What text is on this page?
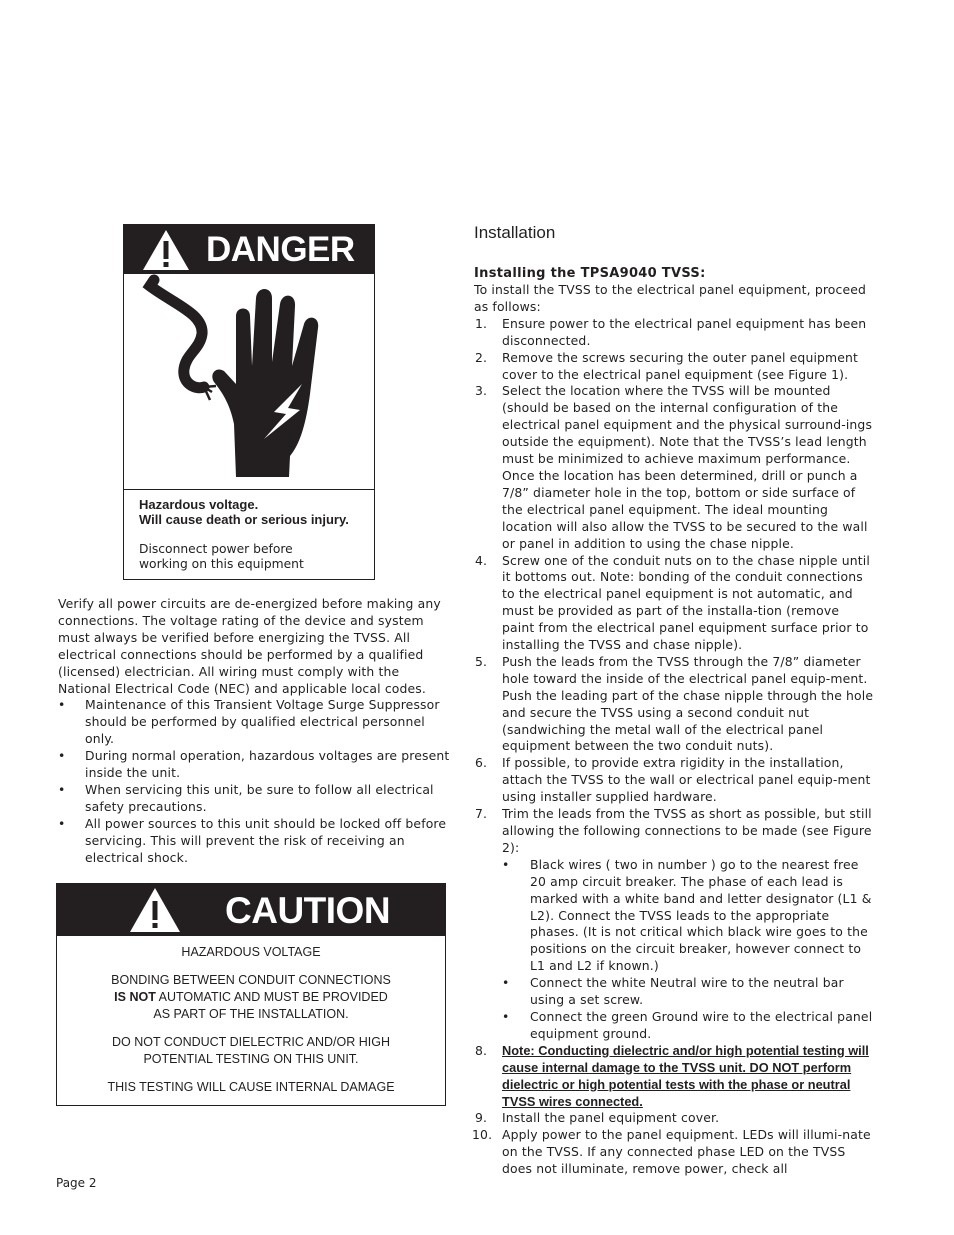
DANGER
Hazardous voltage.
Will cause death or serious injury.
Disconnect power before
working on this equipment

Verify all power circuits are de-energized before making any connections. The voltage rating of the device and system must always be verified before energizing the TVSS. All electrical connections should be performed by a qualified (licensed) electrician. All wiring must comply with the National Electrical Code (NEC) and applicable local codes.

• Maintenance of this Transient Voltage Surge Suppressor should be performed by qualified electrical personnel only.
• During normal operation, hazardous voltages are present inside the unit.
• When servicing this unit, be sure to follow all electrical safety precautions.
• All power sources to this unit should be locked off before servicing. This will prevent the risk of receiving an electrical shock.
CAUTION

HAZARDOUS VOLTAGE

BONDING BETWEEN CONDUIT CONNECTIONS
IS NOT AUTOMATIC AND MUST BE PROVIDED
AS PART OF THE INSTALLATION.

DO NOT CONDUCT DIELECTRIC AND/OR HIGH
POTENTIAL TESTING ON THIS UNIT.

THIS TESTING WILL CAUSE INTERNAL DAMAGE

Installation
Installing the TPSA9040 TVSS:

To install the TVSS to the electrical panel equipment, proceed as follows:

1. Ensure power to the electrical panel equipment has been disconnected.
2. Remove the screws securing the outer panel equipment cover to the electrical panel equipment (see Figure 1).
3. Select the location where the TVSS will be mounted (should be based on the internal configuration of the electrical panel equipment and the physical surround-ings outside the equipment). Note that the TVSS’s lead length must be minimized to achieve maximum performance. Once the location has been determined, drill or punch a 7/8” diameter hole in the top, bottom or side surface of the electrical panel equipment. The ideal mounting location will also allow the TVSS to be secured to the wall or panel in addition to using the chase nipple.
4. Screw one of the conduit nuts on to the chase nipple until it bottoms out. Note: bonding of the conduit connections to the electrical panel equipment is not automatic, and must be provided as part of the installa-tion (remove paint from the electrical panel equipment surface prior to installing the TVSS and chase nipple).
5. Push the leads from the TVSS through the 7/8” diameter hole toward the inside of the electrical panel equip-ment. Push the leading part of the chase nipple through the hole and secure the TVSS using a second conduit nut (sandwiching the metal wall of the electrical panel equipment between the two conduit nuts).
6. If possible, to provide extra rigidity in the installation, attach the TVSS to the wall or electrical panel equip-ment using installer supplied hardware.
7. Trim the leads from the TVSS as short as possible, but still allowing the following connections to be made (see Figure 2):
• Black wires ( two in number ) go to the nearest free 20 amp circuit breaker. The phase of each lead is marked with a white band and letter designator (L1 & L2). Connect the TVSS leads to the appropriate phases. (It is not critical which black wire goes to the positions on the circuit breaker, however connect to L1 and L2 if known.)
• Connect the white Neutral wire to the neutral bar using a set screw.
• Connect the green Ground wire to the electrical panel equipment ground.
8. Note: Conducting dielectric and/or high potential testing will cause internal damage to the TVSS unit. DO NOT perform dielectric or high potential tests with the phase or neutral TVSS wires connected.
9. Install the panel equipment cover.
10. Apply power to the panel equipment. LEDs will illumi-nate on the TVSS. If any connected phase LED on the TVSS does not illuminate, remove power, check all
Page 2
